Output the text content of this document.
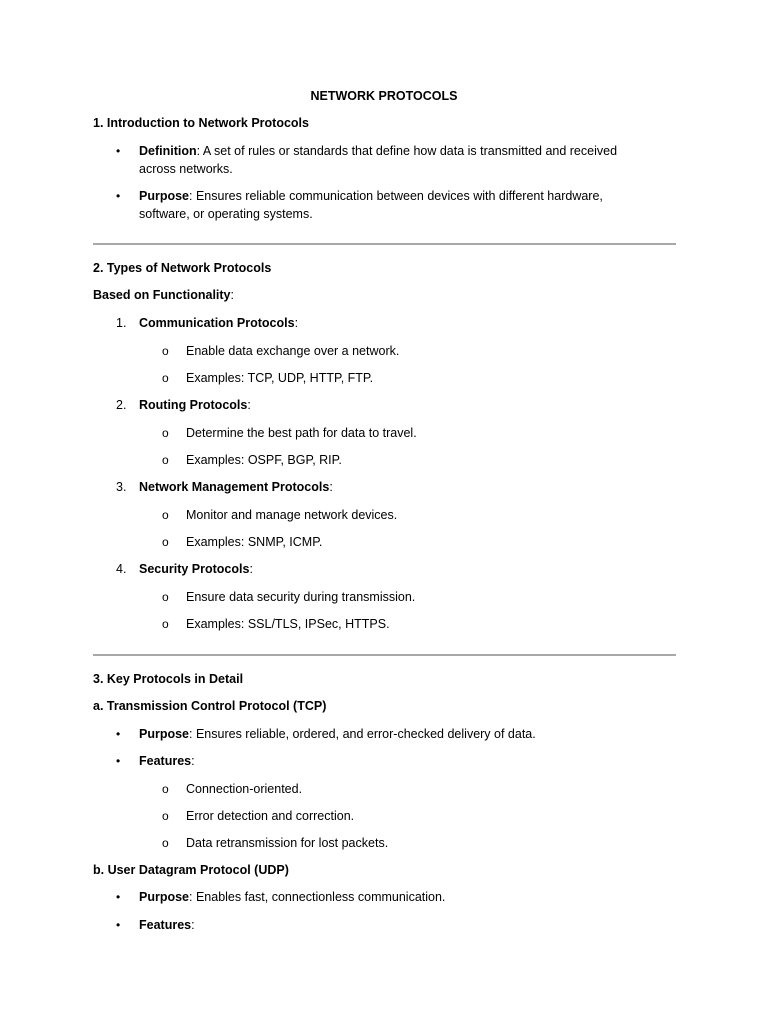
NETWORK PROTOCOLS
1. Introduction to Network Protocols
• Definition: A set of rules or standards that define how data is transmitted and received
across networks.
• Purpose: Ensures reliable communication between devices with different hardware,
software, or operating systems.
2. Types of Network Protocols
Based on Functionality:
1. Communication Protocols:
o Enable data exchange over a network.
o Examples: TCP, UDP, HTTP, FTP.
2. Routing Protocols:
o Determine the best path for data to travel.
o Examples: OSPF, BGP, RIP.
3. Network Management Protocols:
o Monitor and manage network devices.
o Examples: SNMP, ICMP.
4. Security Protocols:
o Ensure data security during transmission.
o Examples: SSL/TLS, IPSec, HTTPS.
3. Key Protocols in Detail
a. Transmission Control Protocol (TCP)
• Purpose: Ensures reliable, ordered, and error-checked delivery of data.
• Features:
o Connection-oriented.
o Error detection and correction.
o Data retransmission for lost packets.
b. User Datagram Protocol (UDP)
• Purpose: Enables fast, connectionless communication.
• Features:
